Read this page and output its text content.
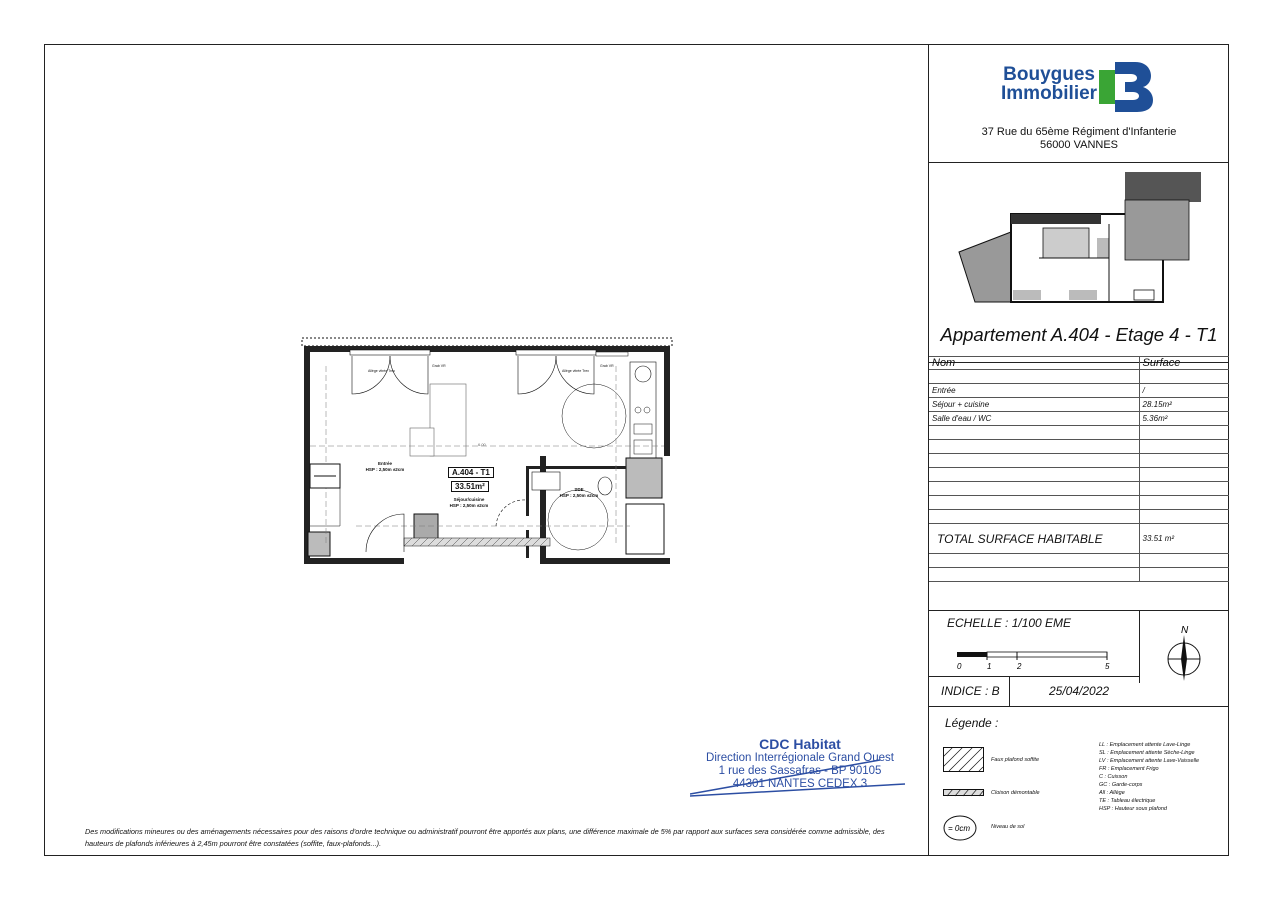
Allège vitrée Trex	Allège vitrée Trex
Grab VR	Grab VR
6.00
A.404 - T1
33.51m²
Entrée
HSP : 2,50m ±2cm
Séjour/cuisine
HSP : 2,50m ±2cm
SDE
HSP : 2,50m ±2cm
Des modifications mineures ou des aménagements nécessaires pour des raisons d'ordre technique ou administratif pourront être apportés aux plans, une différence maximale de 5% par rapport aux surfaces sera considérée comme admissible, des hauteurs de plafonds inférieures à 2,45m pourront être constatées (soffite, faux-plafonds...).
CDC Habitat
Direction Interrégionale Grand Ouest
1 rue des Sassafras - BP 90105
44301 NANTES CEDEX 3
Bouygues
Immobilier
37 Rue du 65ème Régiment d'Infanterie
56000 VANNES
Appartement A.404 - Etage 4 - T1
Nom	Surface

Entrée	/
Séjour + cuisine	28.15m²
Salle d'eau / WC	5.36m²

TOTAL SURFACE HABITABLE	33.51 m²

ECHELLE : 1/100 EME
0	1	2	5
INDICE : B	25/04/2022
N
Légende :
Faux plafond soffite
Cloison démontable
= 0cm	Niveau de sol
LL : Emplacement attente Lave-Linge
SL : Emplacement attente Sèche-Linge
LV : Emplacement attente Lave-Vaisselle
FR : Emplacement Frigo
C : Cuisson
GC : Garde-corps
All : Allège
TE : Tableau électrique
HSP : Hauteur sous plafond
